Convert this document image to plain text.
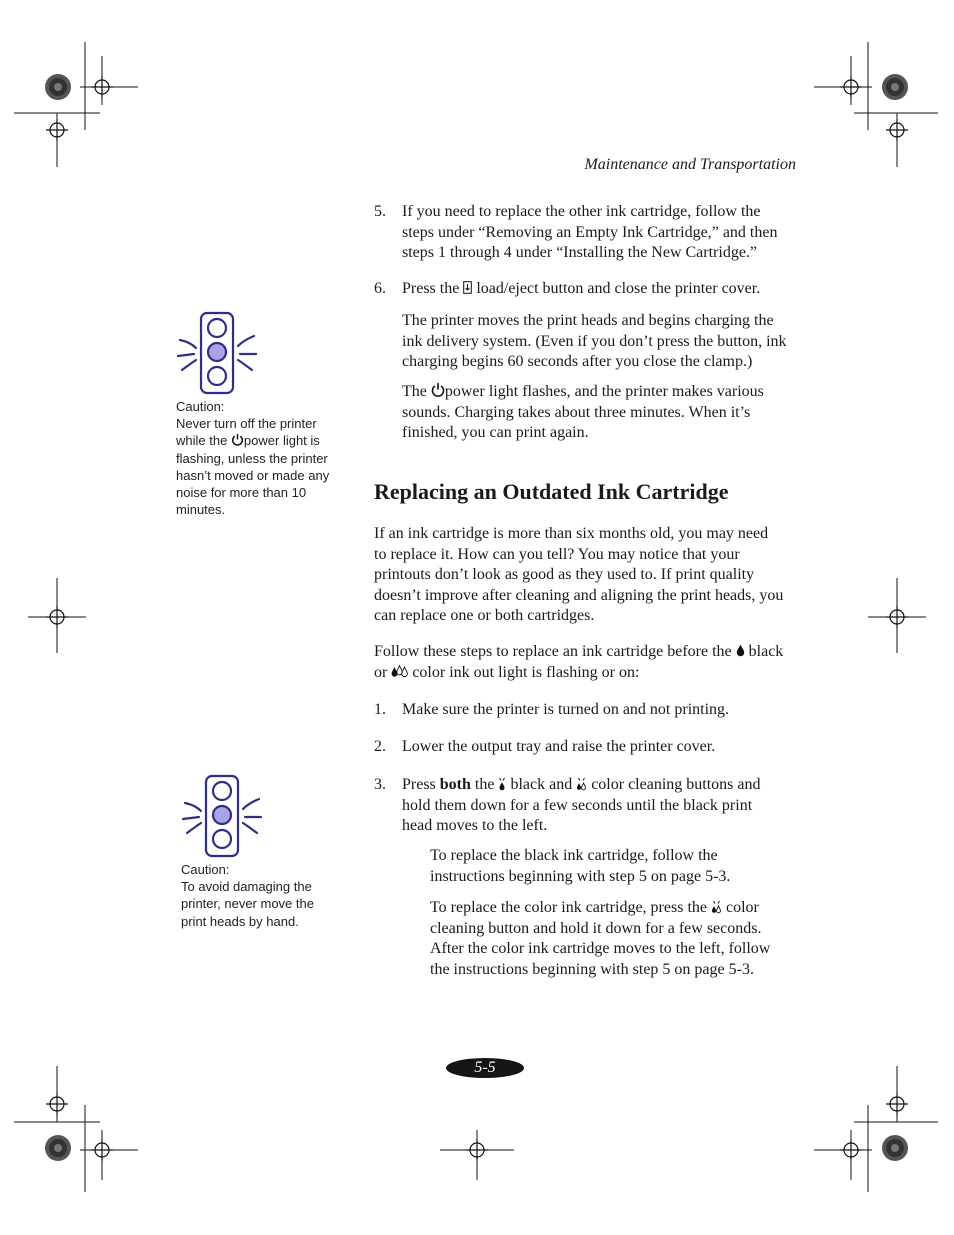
Maintenance and Transportation
Caution:
Never turn off the printer
while the power light is
flashing, unless the printer
hasn’t moved or made any
noise for more than 10
minutes.
Caution:
To avoid damaging the
printer, never move the
print heads by hand.
5. If you need to replace the other ink cartridge, follow the
steps under “Removing an Empty Ink Cartridge,” and then
steps 1 through 4 under “Installing the New Cartridge.”
6. Press the  load/eject button and close the printer cover.
The printer moves the print heads and begins charging the
ink delivery system. (Even if you don’t press the button, ink
charging begins 60 seconds after you close the clamp.)
The power light flashes, and the printer makes various
sounds. Charging takes about three minutes. When it’s
finished, you can print again.
Replacing an Outdated Ink Cartridge
If an ink cartridge is more than six months old, you may need
to replace it. How can you tell? You may notice that your
printouts don’t look as good as they used to. If print quality
doesn’t improve after cleaning and aligning the print heads, you
can replace one or both cartridges.
Follow these steps to replace an ink cartridge before the  black
or  color ink out light is flashing or on:
1. Make sure the printer is turned on and not printing.
2. Lower the output tray and raise the printer cover.
3. Press both the  black and  color cleaning buttons and
hold them down for a few seconds until the black print
head moves to the left.
To replace the black ink cartridge, follow the
instructions beginning with step 5 on page 5-3.
To replace the color ink cartridge, press the  color
cleaning button and hold it down for a few seconds.
After the color ink cartridge moves to the left, follow
the instructions beginning with step 5 on page 5-3.
5-5
